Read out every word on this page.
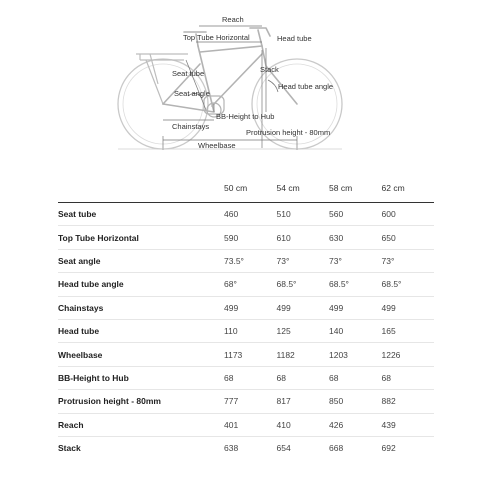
Reach
Top Tube Horizontal	Head tube
Seat tube	Stack
Seat angle
Head tube angle
BB-Height to Hub
Chainstays
Protrusion height - 80mm
Wheelbase
	50 cm	54 cm	58 cm	62 cm
Seat tube	460	510	560	600
Top Tube Horizontal	590	610	630	650
Seat angle	73.5°	73°	73°	73°
Head tube angle	68°	68.5°	68.5°	68.5°
Chainstays	499	499	499	499
Head tube	110	125	140	165
Wheelbase	1173	1182	1203	1226
BB-Height to Hub	68	68	68	68
Protrusion height - 80mm	777	817	850	882
Reach	401	410	426	439
Stack	638	654	668	692
